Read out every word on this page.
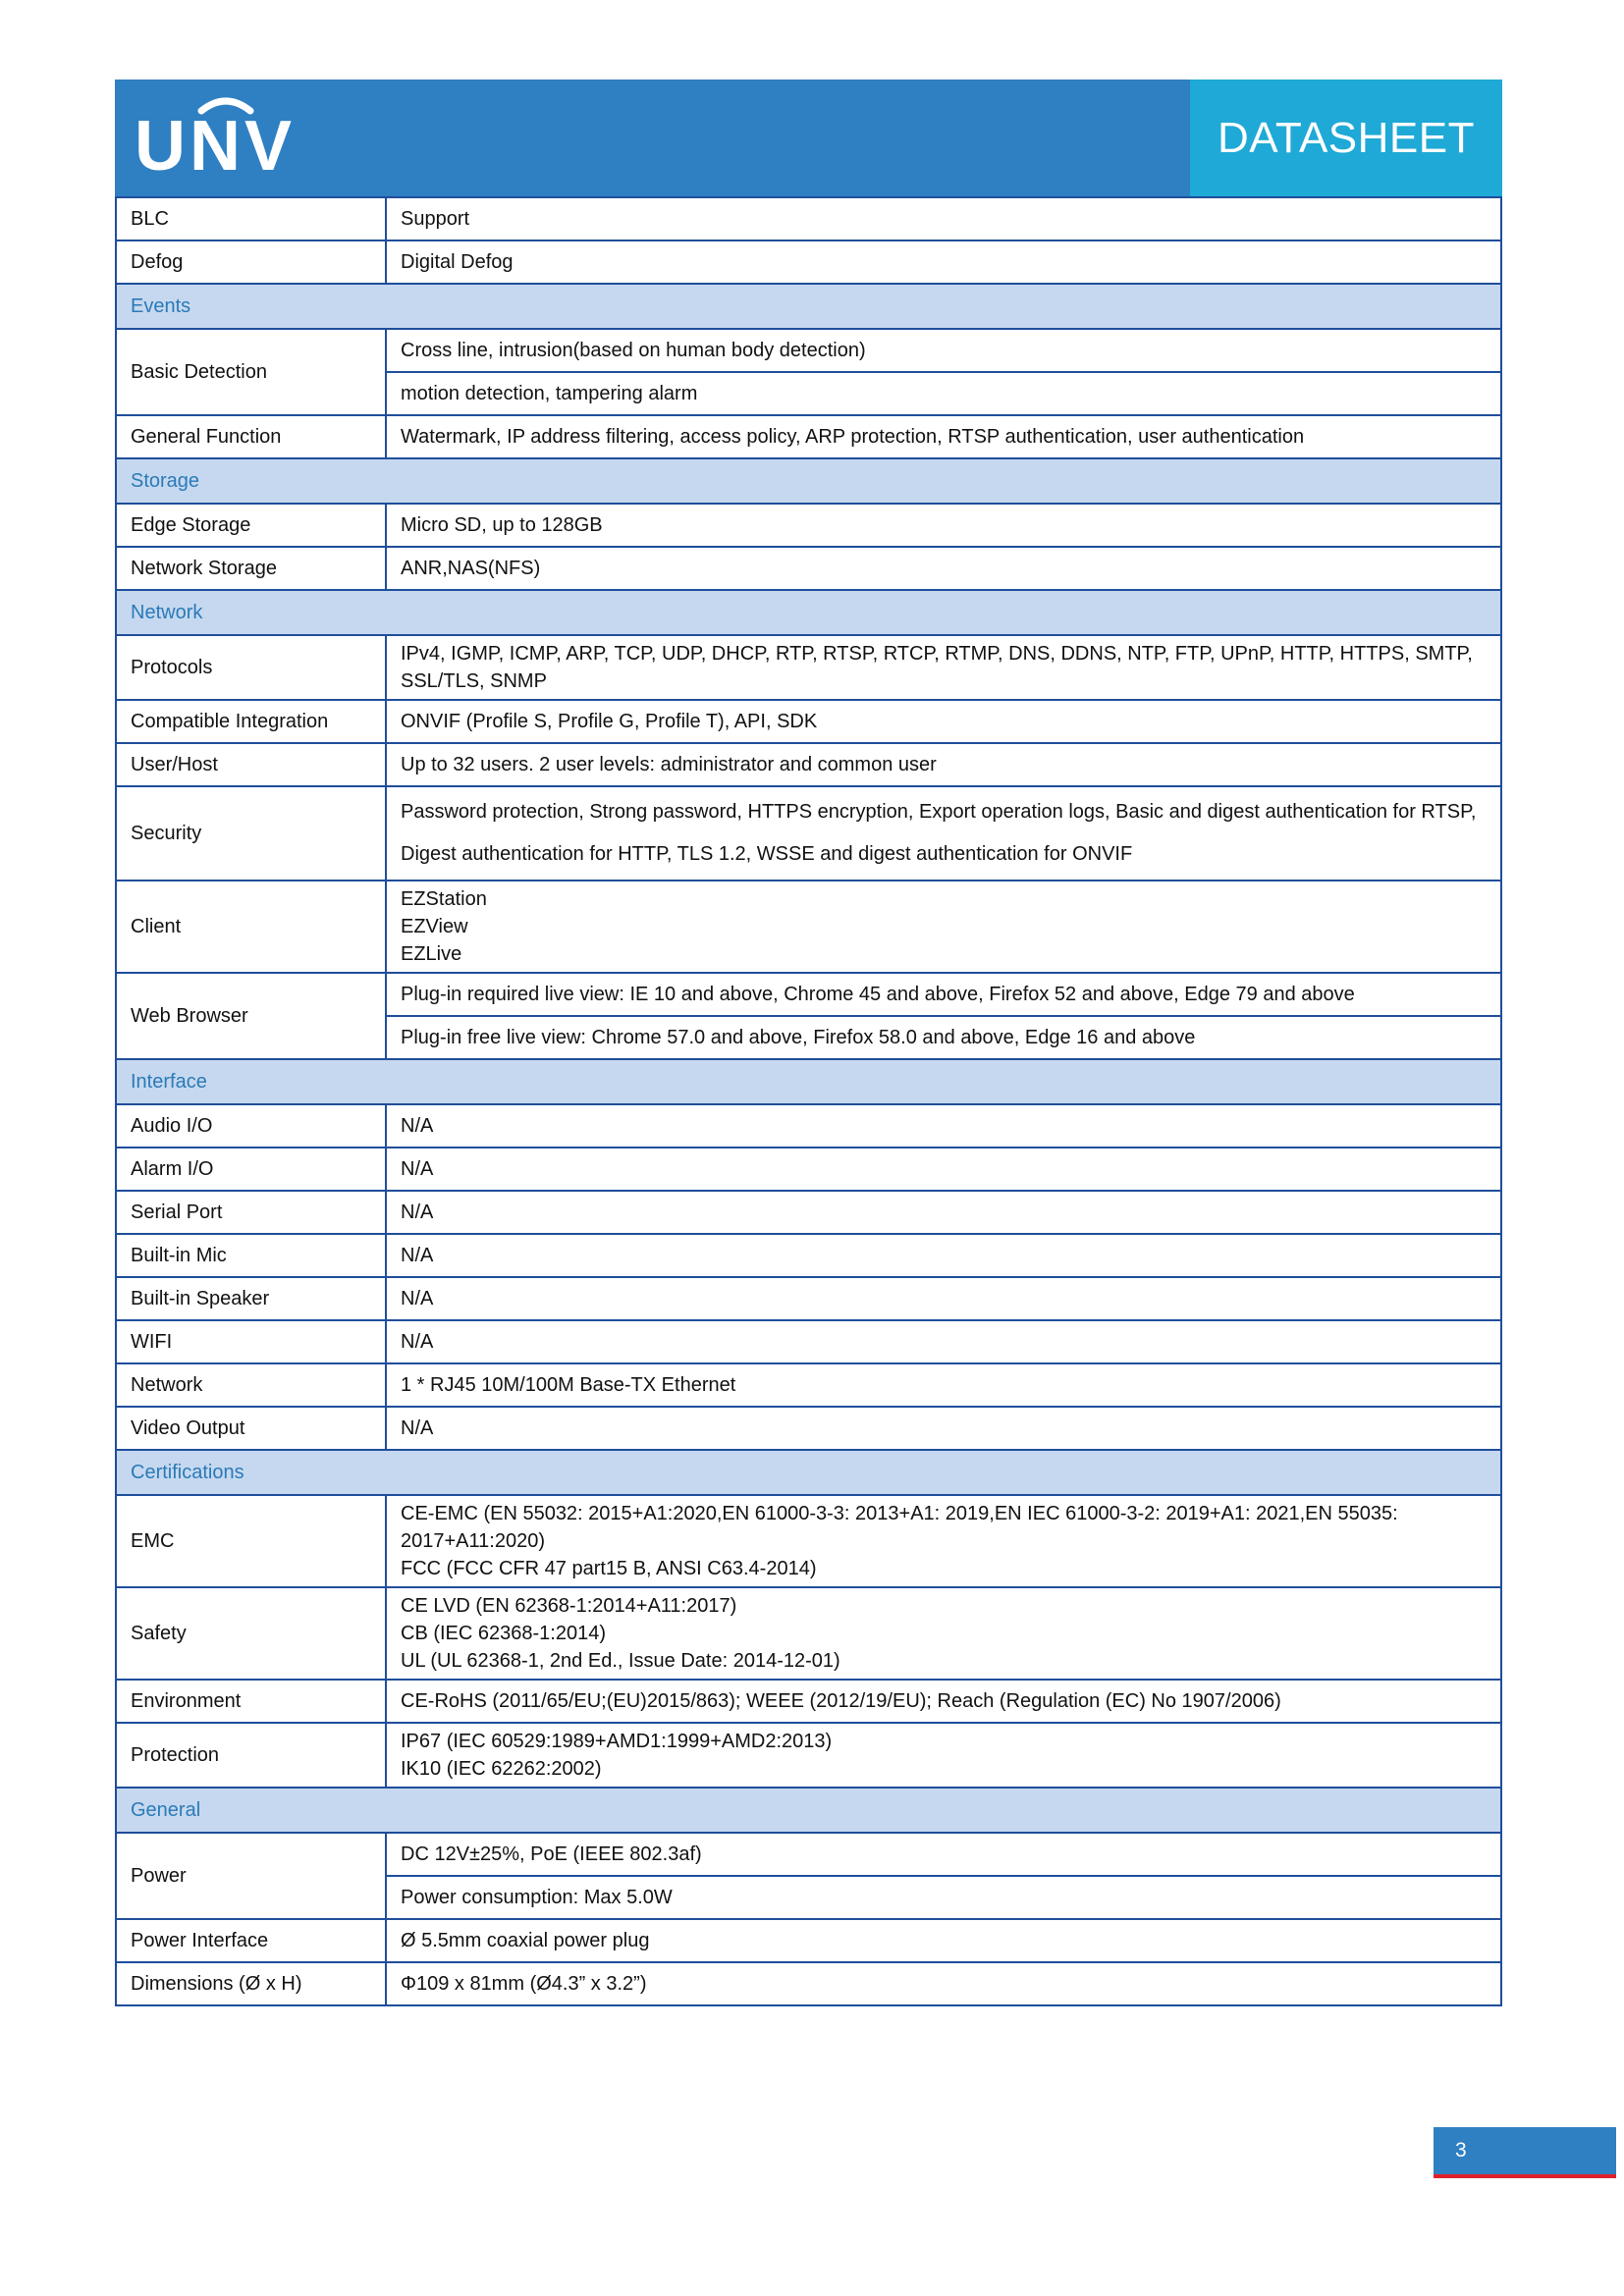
UNV	DATASHEET
BLC	Support
Defog	Digital Defog
Events	
Basic Detection	Cross line, intrusion(based on human body detection)
	motion detection, tampering alarm
General Function	Watermark, IP address filtering, access policy, ARP protection, RTSP authentication, user authentication
Storage	
Edge Storage	Micro SD, up to 128GB
Network Storage	ANR,NAS(NFS)
Network	
Protocols	IPv4, IGMP, ICMP, ARP, TCP, UDP, DHCP, RTP, RTSP, RTCP, RTMP, DNS, DDNS, NTP, FTP, UPnP, HTTP, HTTPS, SMTP,
SSL/TLS, SNMP

Compatible Integration	ONVIF (Profile S, Profile G, Profile T), API, SDK
User/Host	Up to 32 users. 2 user levels: administrator and common user
Security	Password protection, Strong password, HTTPS encryption, Export operation logs, Basic and digest authentication for RTSP,
Digest authentication for HTTP, TLS 1.2, WSSE and digest authentication for ONVIF

Client	EZStation
EZView
EZLive

Web Browser	Plug-in required live view: IE 10 and above, Chrome 45 and above, Firefox 52 and above, Edge 79 and above
	Plug-in free live view: Chrome 57.0 and above, Firefox 58.0 and above, Edge 16 and above
Interface	
Audio I/O	N/A
Alarm I/O	N/A
Serial Port	N/A
Built-in Mic	N/A
Built-in Speaker	N/A
WIFI	N/A
Network	1 * RJ45 10M/100M Base-TX Ethernet
Video Output	N/A
Certifications	
EMC	CE-EMC (EN 55032: 2015+A1:2020,EN 61000-3-3: 2013+A1: 2019,EN IEC 61000-3-2: 2019+A1: 2021,EN 55035:
2017+A11:2020)
FCC (FCC CFR 47 part15 B, ANSI C63.4-2014)

Safety	CE LVD (EN 62368-1:2014+A11:2017)
CB (IEC 62368-1:2014)
UL (UL 62368-1, 2nd Ed., Issue Date: 2014-12-01)

Environment	CE-RoHS (2011/65/EU;(EU)2015/863); WEEE (2012/19/EU); Reach (Regulation (EC) No 1907/2006)
Protection	IP67 (IEC 60529:1989+AMD1:1999+AMD2:2013)
IK10 (IEC 62262:2002)

General	
Power	DC 12V±25%, PoE (IEEE 802.3af)
	Power consumption: Max 5.0W
Power Interface	Ø 5.5mm coaxial power plug
Dimensions (Ø x H)	Φ109 x 81mm (Ø4.3” x 3.2”)
3
